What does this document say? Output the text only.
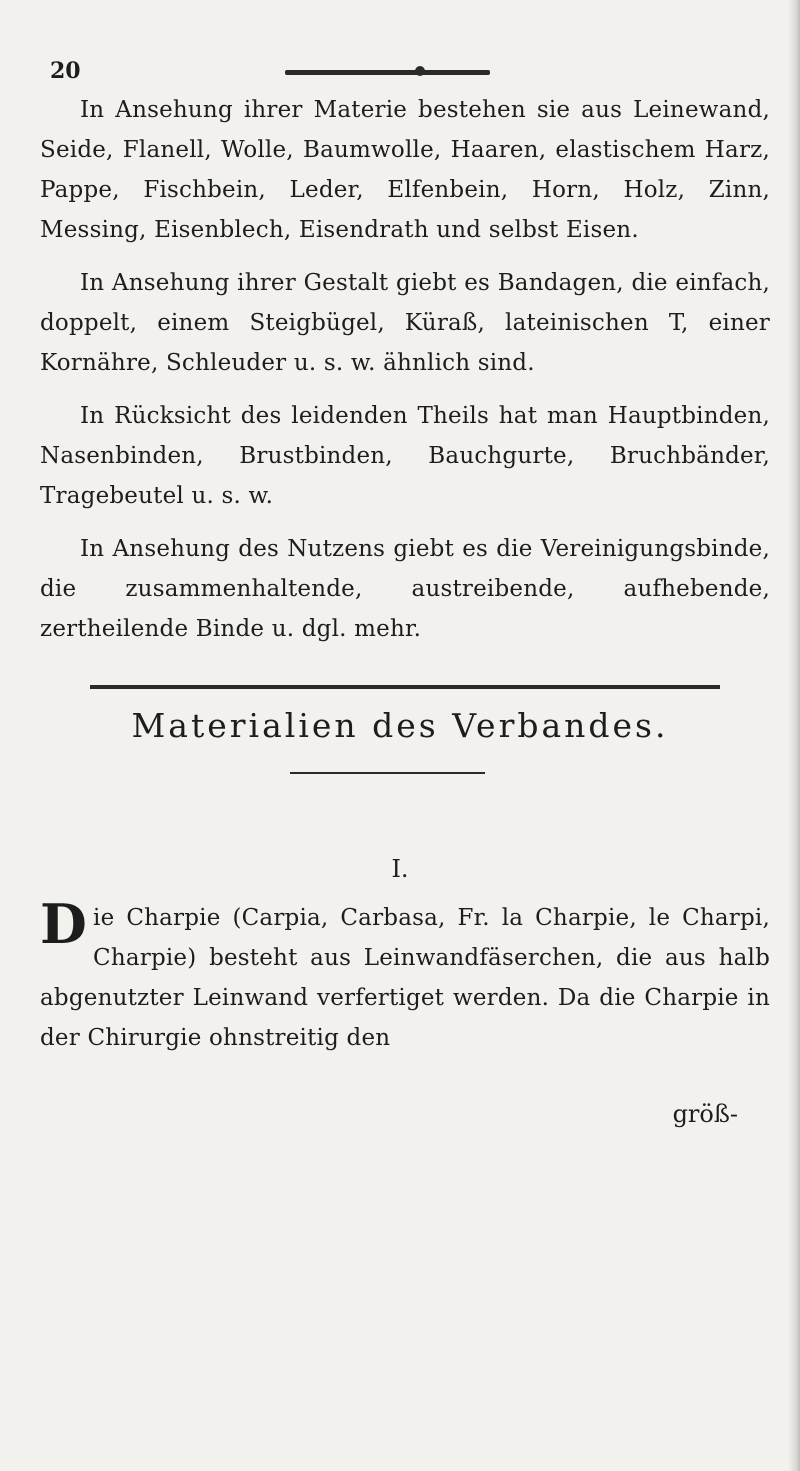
20

In Ansehung ihrer Materie bestehen sie aus Leinewand, Seide, Flanell, Wolle, Baumwolle, Haaren, elastischem Harz, Pappe, Fischbein, Leder, Elfenbein, Horn, Holz, Zinn, Messing, Eisenblech, Eisendrath und selbst Eisen.

In Ansehung ihrer Gestalt giebt es Bandagen, die einfach, doppelt, einem Steigbügel, Küraß, lateinischen T, einer Kornähre, Schleuder u. s. w. ähnlich sind.

In Rücksicht des leidenden Theils hat man Hauptbinden, Nasenbinden, Brustbinden, Bauchgurte, Bruchbänder, Tragebeutel u. s. w.

In Ansehung des Nutzens giebt es die Vereinigungsbinde, die zusammenhaltende, austreibende, aufhebende, zertheilende Binde u. dgl. mehr.

Materialien des Verbandes.
I.

Die Charpie (Carpia, Carbasa, Fr. la Charpie, le Charpi, Charpie) besteht aus Leinwandfäserchen, die aus halb abgenutzter Leinwand verfertiget werden. Da die Charpie in der Chirurgie ohnstreitig den

größ-
